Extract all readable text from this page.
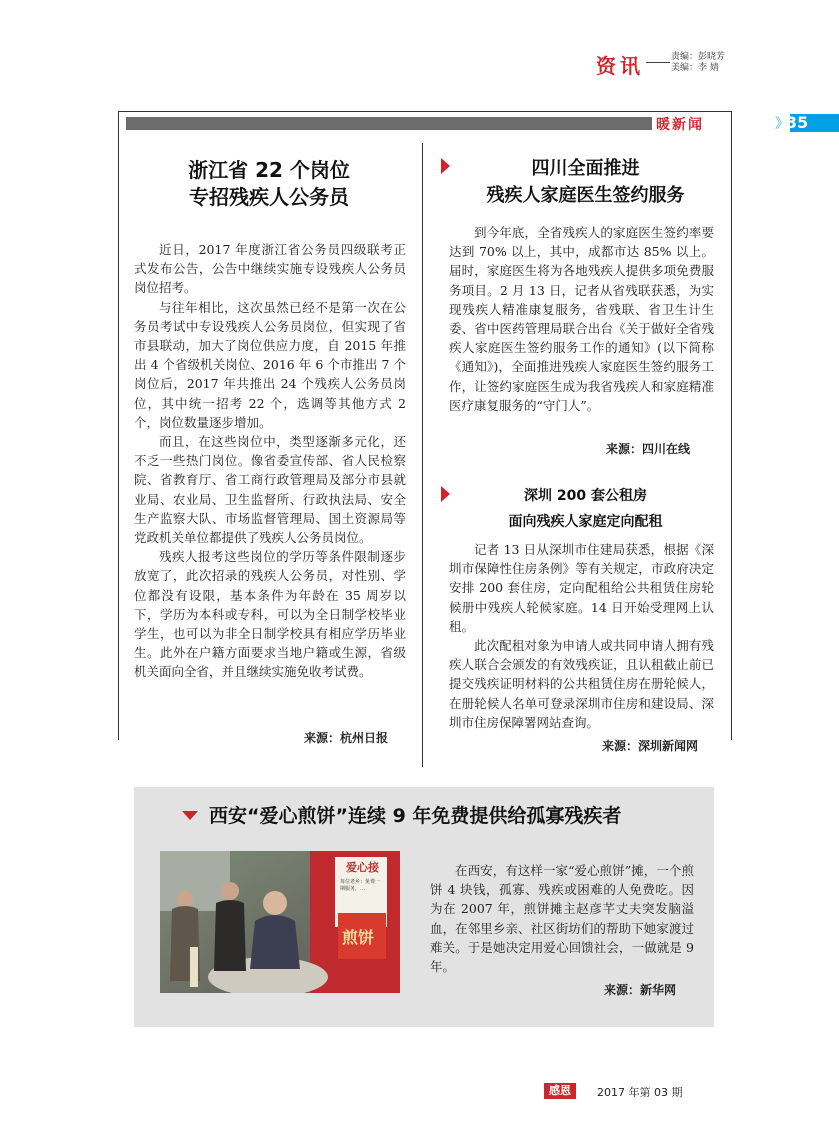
资讯	责编：彭晓芳
美编：李 婧
》
35
暖新闻
浙江省 22 个岗位
专招残疾人公务员

近日，2017 年度浙江省公务员四级联考正式发布公告，公告中继续实施专设残疾人公务员岗位招考。

与往年相比，这次虽然已经不是第一次在公务员考试中专设残疾人公务员岗位，但实现了省市县联动，加大了岗位供应力度，自 2015 年推出 4 个省级机关岗位、2016 年 6 个市推出 7 个岗位后，2017 年共推出 24 个残疾人公务员岗位，其中统一招考 22 个，选调等其他方式 2 个，岗位数量逐步增加。

而且，在这些岗位中，类型逐渐多元化，还不乏一些热门岗位。像省委宣传部、省人民检察院、省教育厅、省工商行政管理局及部分市县就业局、农业局、卫生监督所、行政执法局、安全生产监察大队、市场监督管理局、国土资源局等党政机关单位都提供了残疾人公务员岗位。

残疾人报考这些岗位的学历等条件限制逐步放宽了，此次招录的残疾人公务员，对性别、学位都没有设限，基本条件为年龄在 35 周岁以下，学历为本科或专科，可以为全日制学校毕业学生，也可以为非全日制学校具有相应学历毕业生。此外在户籍方面要求当地户籍或生源，省级机关面向全省，并且继续实施免收考试费。

来源：杭州日报
四川全面推进
残疾人家庭医生签约服务

到今年底，全省残疾人的家庭医生签约率要达到 70% 以上，其中，成都市达 85% 以上。届时，家庭医生将为各地残疾人提供多项免费服务项目。2 月 13 日，记者从省残联获悉，为实现残疾人精准康复服务，省残联、省卫生计生委、省中医药管理局联合出台《关于做好全省残疾人家庭医生签约服务工作的通知》(以下简称《通知》)，全面推进残疾人家庭医生签约服务工作，让签约家庭医生成为我省残疾人和家庭精准医疗康复服务的“守门人”。

来源：四川在线
深圳 200 套公租房
面向残疾人家庭定向配租

记者 13 日从深圳市住建局获悉，根据《深圳市保障性住房条例》等有关规定，市政府决定安排 200 套住房，定向配租给公共租赁住房轮候册中残疾人轮候家庭。14 日开始受理网上认租。

此次配租对象为申请人或共同申请人拥有残疾人联合会颁发的有效残疾证，且认租截止前已提交残疾证明材料的公共租赁住房在册轮候人，在册轮候人名单可登录深圳市住房和建设局、深圳市住房保障署网站查询。

来源：深圳新闻网
西安“爱心煎饼”连续 9 年免费提供给孤寡残疾者
爱心接
每位老乡：免费一期服务，…
煎饼

在西安，有这样一家“爱心煎饼”摊，一个煎饼 4 块钱，孤寡、残疾或困难的人免费吃。因为在 2007 年，煎饼摊主赵彦芊丈夫突发脑溢血，在邻里乡亲、社区街坊们的帮助下她家渡过难关。于是她决定用爱心回馈社会，一做就是 9 年。

来源：新华网
感恩	2017 年第 03 期
